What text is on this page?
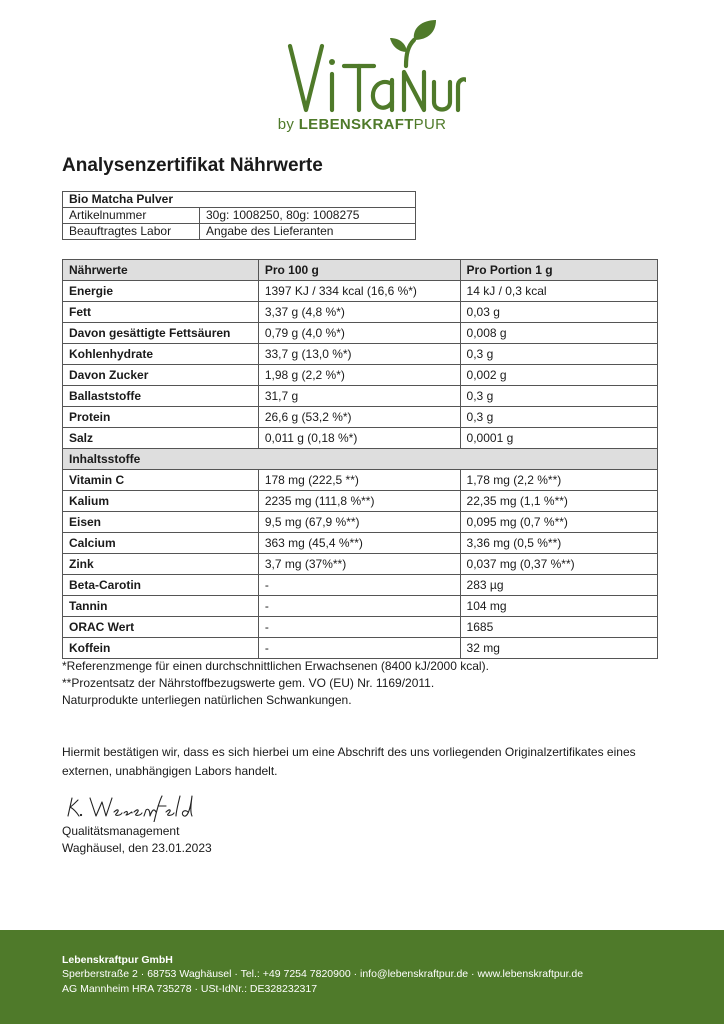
by LEBENSKRAFTPUR
Analysenzertifikat Nährwerte
Bio Matcha Pulver	
Artikelnummer	30g: 1008250, 80g: 1008275
Beauftragtes Labor	Angabe des Lieferanten
Nährwerte	Pro 100 g	Pro Portion 1 g
Energie	1397 KJ / 334 kcal (16,6 %*)	14 kJ / 0,3 kcal
Fett	3,37 g (4,8 %*)	0,03 g
Davon gesättigte Fettsäuren	0,79 g (4,0 %*)	0,008 g
Kohlenhydrate	33,7 g (13,0 %*)	0,3 g
Davon Zucker	1,98 g (2,2 %*)	0,002 g
Ballaststoffe	31,7 g	0,3 g
Protein	26,6 g (53,2 %*)	0,3 g
Salz	0,011 g (0,18 %*)	0,0001 g
Inhaltsstoffe		
Vitamin C	178 mg (222,5 **)	1,78 mg (2,2 %**)
Kalium	2235 mg (111,8 %**)	22,35 mg (1,1 %**)
Eisen	9,5 mg (67,9 %**)	0,095 mg (0,7 %**)
Calcium	363 mg (45,4 %**)	3,36 mg (0,5 %**)
Zink	3,7 mg (37%**)	0,037 mg (0,37 %**)
Beta-Carotin	-	283 µg
Tannin	-	104 mg
ORAC Wert	-	1685
Koffein	-	32 mg
*Referenzmenge für einen durchschnittlichen Erwachsenen (8400 kJ/2000 kcal).
**Prozentsatz der Nährstoffbezugswerte gem. VO (EU) Nr. 1169/2011.
Naturprodukte unterliegen natürlichen Schwankungen.
Hiermit bestätigen wir, dass es sich hierbei um eine Abschrift des uns vorliegenden Originalzertifikates eines externen, unabhängigen Labors handelt.
Qualitätsmanagement
Waghäusel, den 23.01.2023
Lebenskraftpur GmbH
Sperberstraße 2 · 68753 Waghäusel · Tel.: +49 7254 7820900 · info@lebenskraftpur.de · www.lebenskraftpur.de
AG Mannheim HRA 735278 · USt-IdNr.: DE328232317
